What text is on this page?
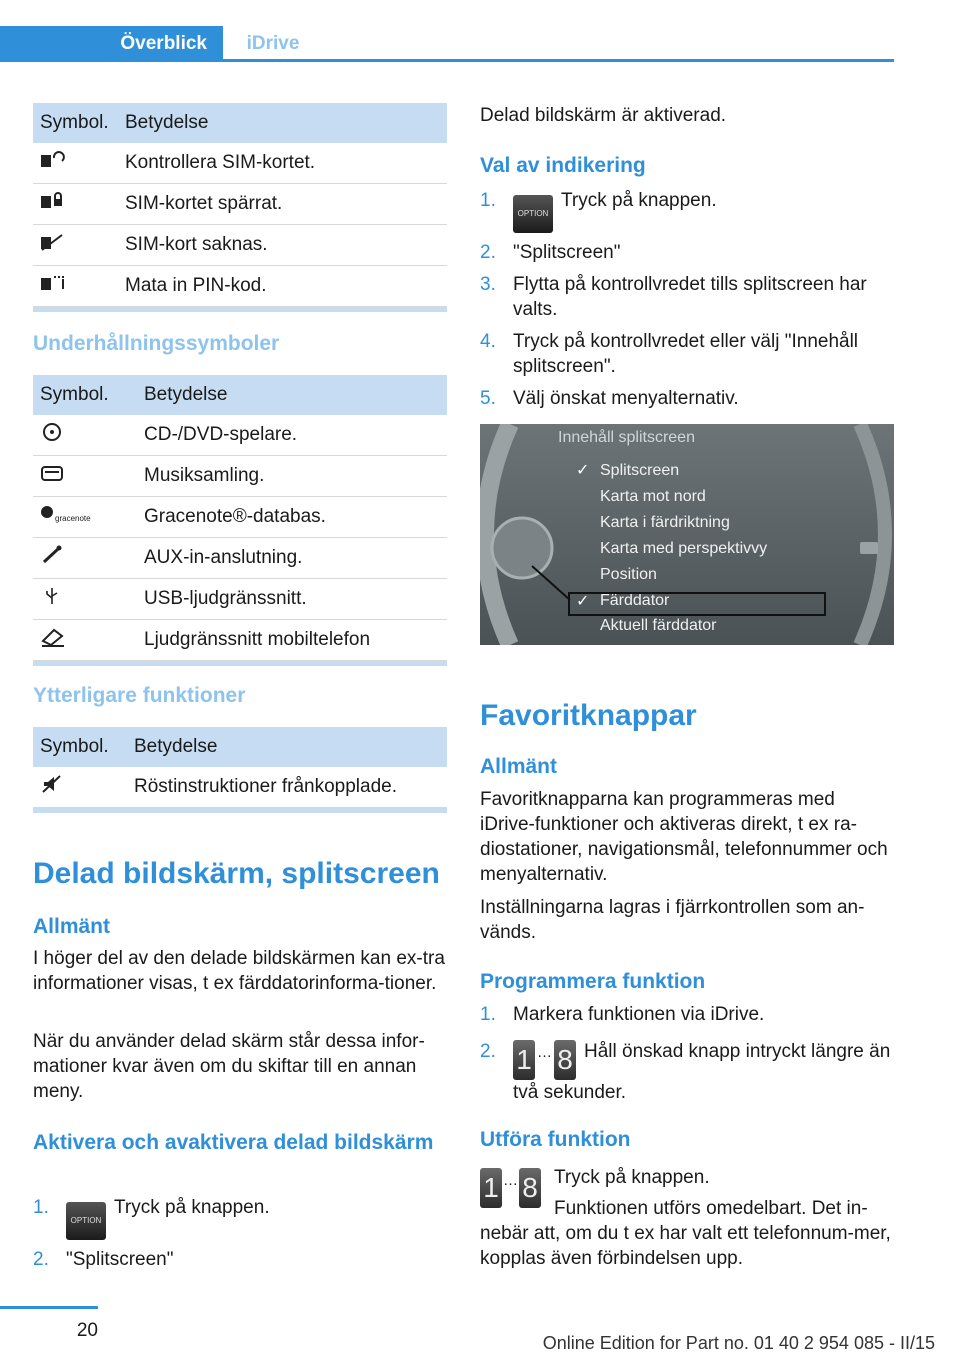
Överblick	iDrive
Symbol. Betydelse
Kontrollera SIM-kortet.
SIM-kortet spärrat.
SIM-kort saknas.
Mata in PIN-kod.
Underhållningssymboler
Symbol.	Betydelse
CD-/DVD-spelare.
Musiksamling.
gracenote	Gracenote®-databas.
AUX-in-anslutning.
USB-ljudgränssnitt.
Ljudgränssnitt mobiltelefon
Ytterligare funktioner
Symbol.	Betydelse
Röstinstruktioner frånkopplade.
Delad bildskärm, splitscreen
Allmänt
I höger del av den delade bildskärmen kan ex-tra informationer visas, t ex färddatorinforma-tioner.
När du använder delad skärm står dessa infor-mationer kvar även om du skiftar till en annan meny.
Aktivera och avaktivera delad bildskärm
1.
OPTIONTryck på knappen.
2. "Splitscreen"
Delad bildskärm är aktiverad.
Val av indikering
1.
OPTIONTryck på knappen.
2. "Splitscreen"
3. Flytta på kontrollvredet tills splitscreen har valts.
4. Tryck på kontrollvredet eller välj "Innehåll splitscreen".
5. Välj önskat menyalternativ.
Innehåll splitscreen
Splitscreen
Karta mot nord
Karta i färdriktning
Karta med perspektivvy
Position
Färddator
Aktuell färddator
✓
✓
Favoritknappar
Allmänt
Favoritknapparna kan programmeras med iDrive-funktioner och aktiveras direkt, t ex ra-diostationer, navigationsmål, telefonnummer och menyalternativ.
Inställningarna lagras i fjärrkontrollen som an-vänds.
Programmera funktion
1. Markera funktionen via iDrive.
2. 1 … 8 Håll önskad knapp intryckt längre än två sekunder.
Utföra funktion
1 … 8 Tryck på knappen.
Funktionen utförs omedelbart. Det in-nebär att, om du t ex har valt ett telefonnum-mer, kopplas även förbindelsen upp.
20
Online Edition for Part no. 01 40 2 954 085 - II/15
